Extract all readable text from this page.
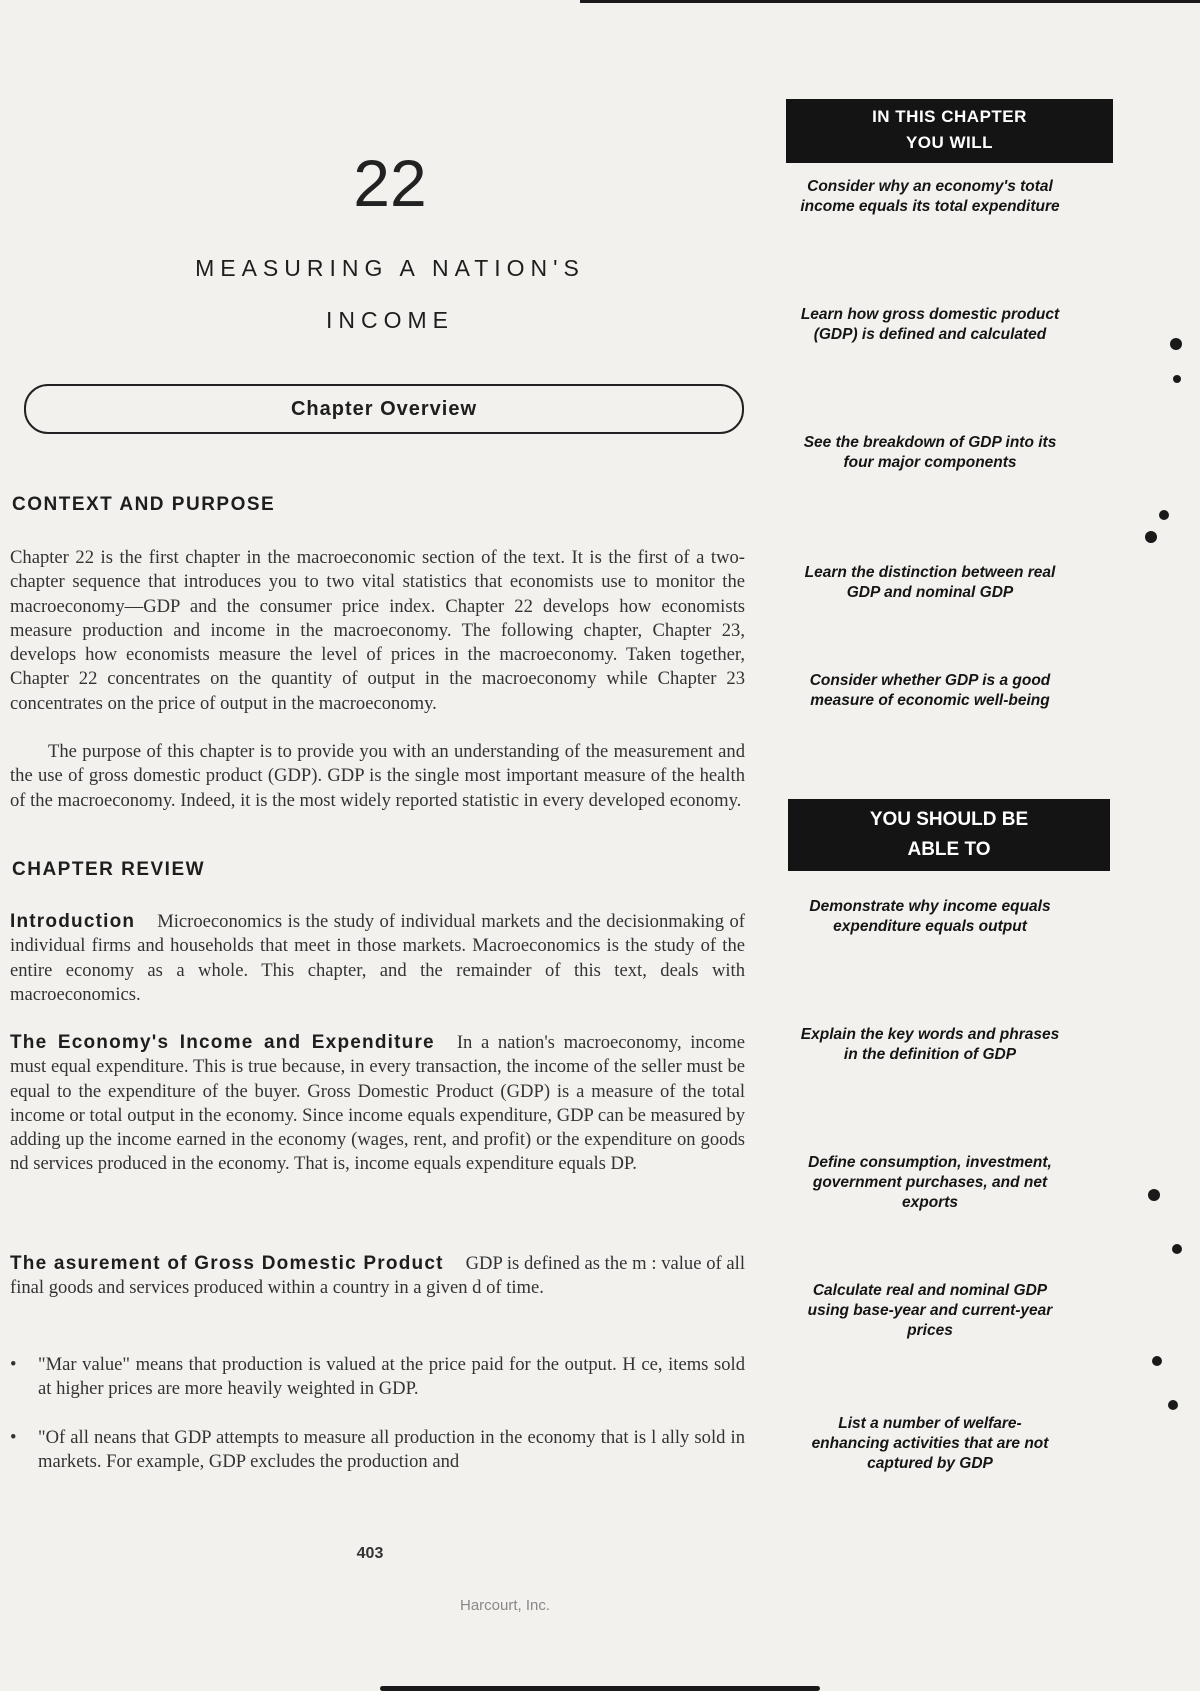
22
MEASURING A NATION'S
INCOME
Chapter Overview
CONTEXT AND PURPOSE

Chapter 22 is the first chapter in the macroeconomic section of the text. It is the first of a two-chapter sequence that introduces you to two vital statistics that economists use to monitor the macroeconomy—GDP and the consumer price index. Chapter 22 develops how economists measure production and income in the macroeconomy. The following chapter, Chapter 23, develops how economists measure the level of prices in the macroeconomy. Taken together, Chapter 22 concentrates on the quantity of output in the macroeconomy while Chapter 23 concentrates on the price of output in the macroeconomy.

The purpose of this chapter is to provide you with an understanding of the measurement and the use of gross domestic product (GDP). GDP is the single most important measure of the health of the macroeconomy. Indeed, it is the most widely reported statistic in every developed economy.

CHAPTER REVIEW

Introduction Microeconomics is the study of individual markets and the decisionmaking of individual firms and households that meet in those markets. Macroeconomics is the study of the entire economy as a whole. This chapter, and the remainder of this text, deals with macroeconomics.

The Economy's Income and Expenditure In a nation's macroeconomy, income must equal expenditure. This is true because, in every transaction, the income of the seller must be equal to the expenditure of the buyer. Gross Domestic Product (GDP) is a measure of the total income or total output in the economy. Since income equals expenditure, GDP can be measured by adding up the income earned in the economy (wages, rent, and profit) or the expenditure on goods nd services produced in the economy. That is, income equals expenditure equals DP.

The asurement of Gross Domestic Product GDP is defined as the m : value of all final goods and services produced within a country in a given d of time.

•	"Mar value" means that production is valued at the price paid for the output. H ce, items sold at higher prices are more heavily weighted in GDP.
•	"Of all neans that GDP attempts to measure all production in the economy that is l ally sold in markets. For example, GDP excludes the production and
403
Harcourt, Inc.
IN THIS CHAPTER
YOU WILL
Consider why an economy's total income equals its total expenditure
Learn how gross domestic product (GDP) is defined and calculated
See the breakdown of GDP into its four major components
Learn the distinction between real GDP and nominal GDP
Consider whether GDP is a good measure of economic well-being
YOU SHOULD BE
ABLE TO
Demonstrate why income equals expenditure equals output
Explain the key words and phrases in the definition of GDP
Define consumption, investment, government purchases, and net exports
Calculate real and nominal GDP using base-year and current-year prices
List a number of welfare-enhancing activities that are not captured by GDP
